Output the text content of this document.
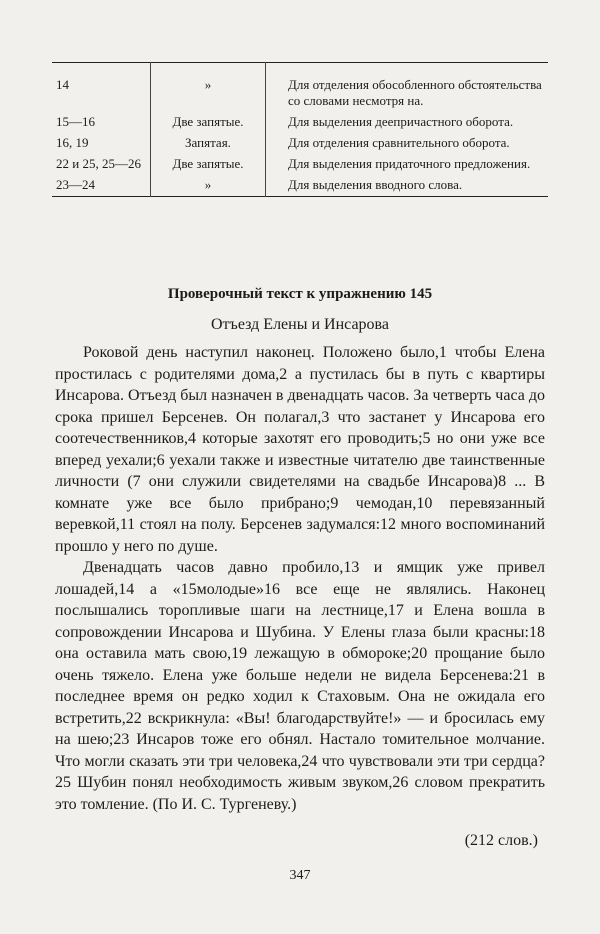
14	»	Для отделения обособленного обстоятельства со словами несмотря на.
15—16	Две запятые.	Для выделения деепричастного оборота.
16, 19	Запятая.	Для отделения сравнительного оборота.
22 и 25, 25—26	Две запятые.	Для выделения придаточного предложения.
23—24	»	Для выделения вводного слова.
Проверочный текст к упражнению 145
Отъезд Елены и Инсарова

Роковой день наступил наконец. Положено было,1 чтобы Елена простилась с родителями дома,2 а пустилась бы в путь с квартиры Инсарова. Отъезд был назначен в двенадцать часов. За четверть часа до срока пришел Берсенев. Он полагал,3 что застанет у Инсарова его соотечественников,4 которые захотят его проводить;5 но они уже все вперед уехали;6 уехали также и известные читателю две таинственные личности (7 они служили свидетелями на свадьбе Инсарова)8 ... В комнате уже все было прибрано;9 чемодан,10 перевязанный веревкой,11 стоял на полу. Берсенев задумался:12 много воспоминаний прошло у него по душе.

Двенадцать часов давно пробило,13 и ямщик уже привел лошадей,14 а «15молодые»16 все еще не являлись. Наконец послышались торопливые шаги на лестнице,17 и Елена вошла в сопровождении Инсарова и Шубина. У Елены глаза были красны:18 она оставила мать свою,19 лежащую в обмороке;20 прощание было очень тяжело. Елена уже больше недели не видела Берсенева:21 в последнее время он редко ходил к Стаховым. Она не ожидала его встретить,22 вскрикнула: «Вы! благодарствуйте!» — и бросилась ему на шею;23 Инсаров тоже его обнял. Настало томительное молчание. Что могли сказать эти три человека,24 что чувствовали эти три сердца?25 Шубин понял необходимость живым звуком,26 словом прекратить это томление. (По И. С. Тургеневу.)

(212 слов.)
347
